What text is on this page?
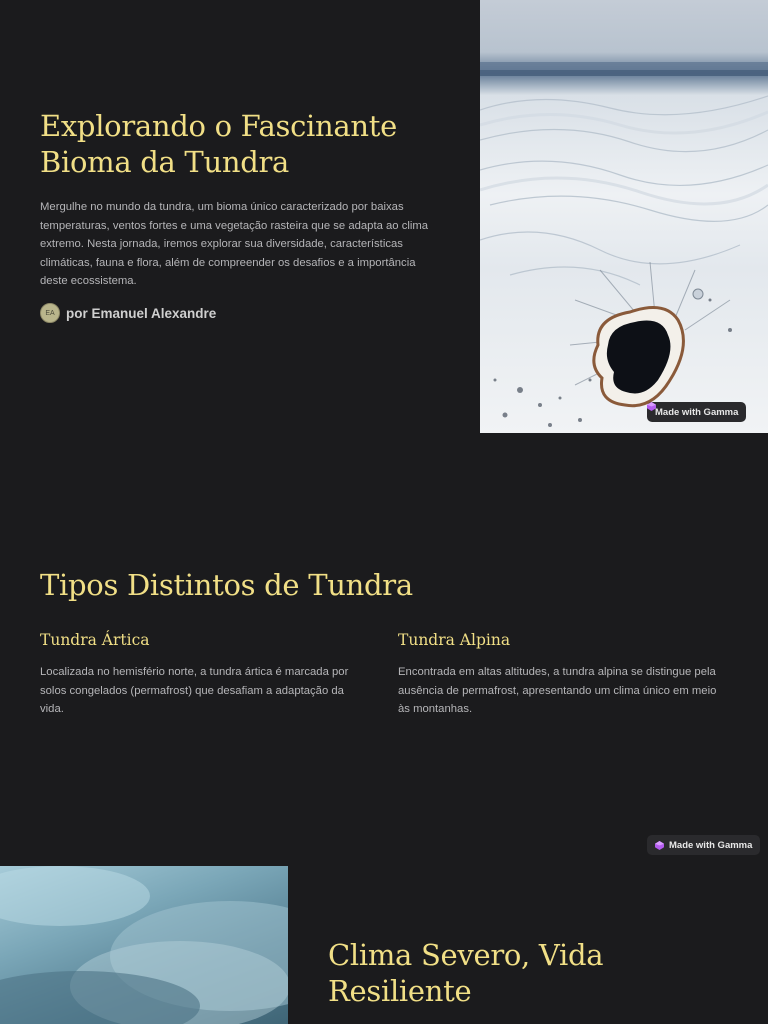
Explorando o Fascinante Bioma da Tundra

Mergulhe no mundo da tundra, um bioma único caracterizado por baixas temperaturas, ventos fortes e uma vegetação rasteira que se adapta ao clima extremo. Nesta jornada, iremos explorar sua diversidade, características climáticas, fauna e flora, além de compreender os desafios e a importância deste ecossistema.

EA por Emanuel Alexandre
Made with Gamma
Tipos Distintos de Tundra
Tundra Ártica

Localizada no hemisfério norte, a tundra ártica é marcada por solos congelados (permafrost) que desafiam a adaptação da vida.

Tundra Alpina

Encontrada em altas altitudes, a tundra alpina se distingue pela ausência de permafrost, apresentando um clima único em meio às montanhas.

Made with Gamma
Clima Severo, Vida Resiliente
